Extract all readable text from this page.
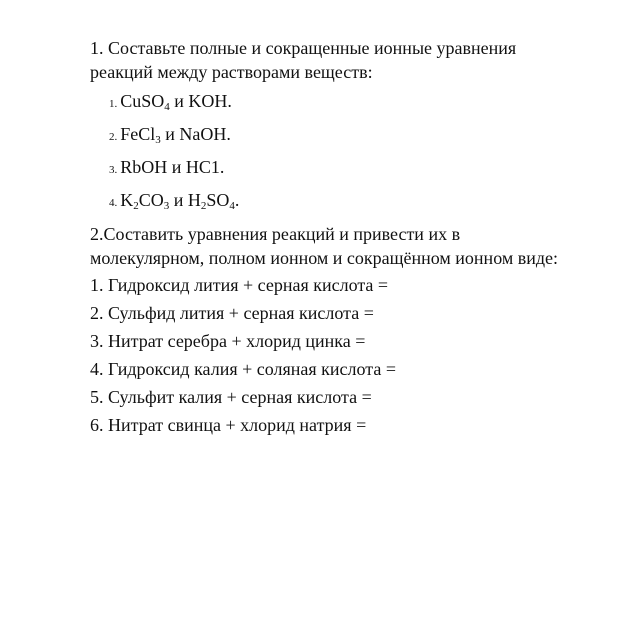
1. Составьте полные и сокращенные ионные уравнения реакций между растворами веществ:

1. CuSO$_4$ и KOH.
2. FeCl$_3$ и NaOH.
3. RbOH и HC1.
4. $K_2CO_3$ и $H_2SO_4$.

2.Составить уравнения реакций и привести их в молекулярном, полном ионном и сокращённом ионном виде:

1. Гидроксид лития + серная кислота =
2. Сульфид лития + серная кислота =
3. Нитрат серебра + хлорид цинка =
4. Гидроксид калия + соляная кислота =
5. Сульфит калия + серная кислота =
6. Нитрат свинца + хлорид натрия =
